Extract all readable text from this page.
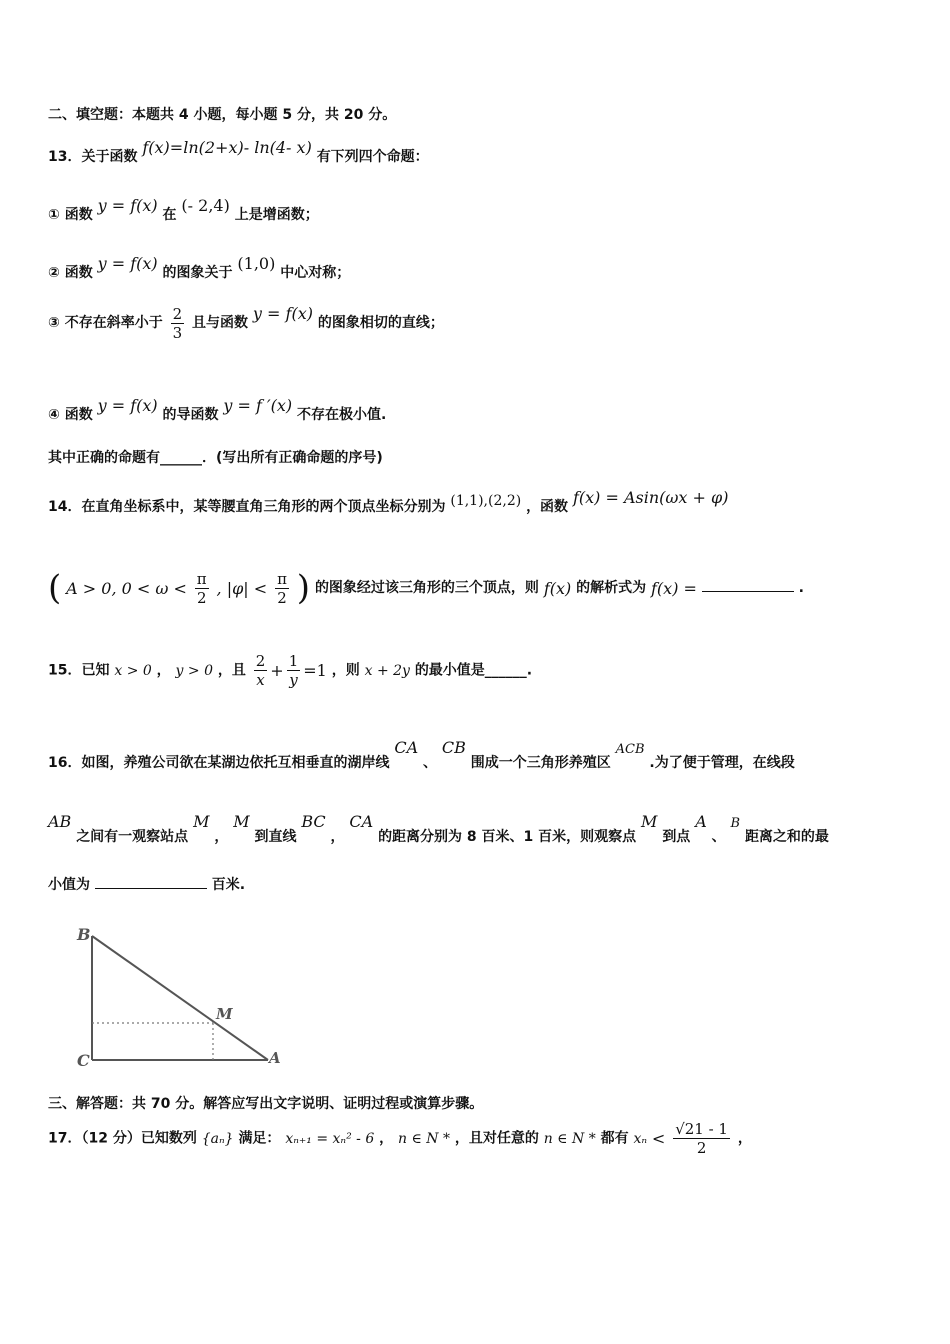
二、填空题：本题共 4 小题，每小题 5 分，共 20 分。
13．关于函数 f(x)=ln(2+x)- ln(4- x) 有下列四个命题：
① 函数 y = f(x) 在 (- 2,4) 上是增函数；
② 函数 y = f(x) 的图象关于 (1,0) 中心对称；
③ 不存在斜率小于 $\frac{2}{3}$ 且与函数 y = f(x) 的图象相切的直线；
④ 函数 y = f(x) 的导函数 y = f ′(x) 不存在极小值.
其中正确的命题有______．(写出所有正确命题的序号)
14．在直角坐标系中，某等腰直角三角形的两个顶点坐标分别为 (1,1),(2,2) ，函数 f(x) = Asin(ωx + φ)
( A > 0, $0 < \omega < \frac{\pi}{2}$ , $|\varphi| < \frac{\pi}{2}$ ) 的图象经过该三角形的三个顶点，则 f(x) 的解析式为 f(x) =	.
15．已知 x > 0 ， y > 0 ，且 $\frac{2}{x} + \frac{1}{y} =1$ ，则 x + 2y 的最小值是______.
16．如图，养殖公司欲在某湖边依托互相垂直的湖岸线 CA 、 CB 围成一个三角形养殖区 ACB .为了便于管理，在线段
AB 之间有一观察站点 M ， M 到直线 BC ， CA 的距离分别为 8 百米、1 百米，则观察点 M 到点 A 、 B 距离之和的最
小值为	百米.
B
M
C	A
三、解答题：共 70 分。解答应写出文字说明、证明过程或演算步骤。
17．（12 分）已知数列 {aₙ} 满足： xₙ₊₁ = xₙ² - 6 ， n ∈ N * ，且对任意的 n ∈ N * 都有 $x_n < \frac{√21 - 1}{2}$ ，
